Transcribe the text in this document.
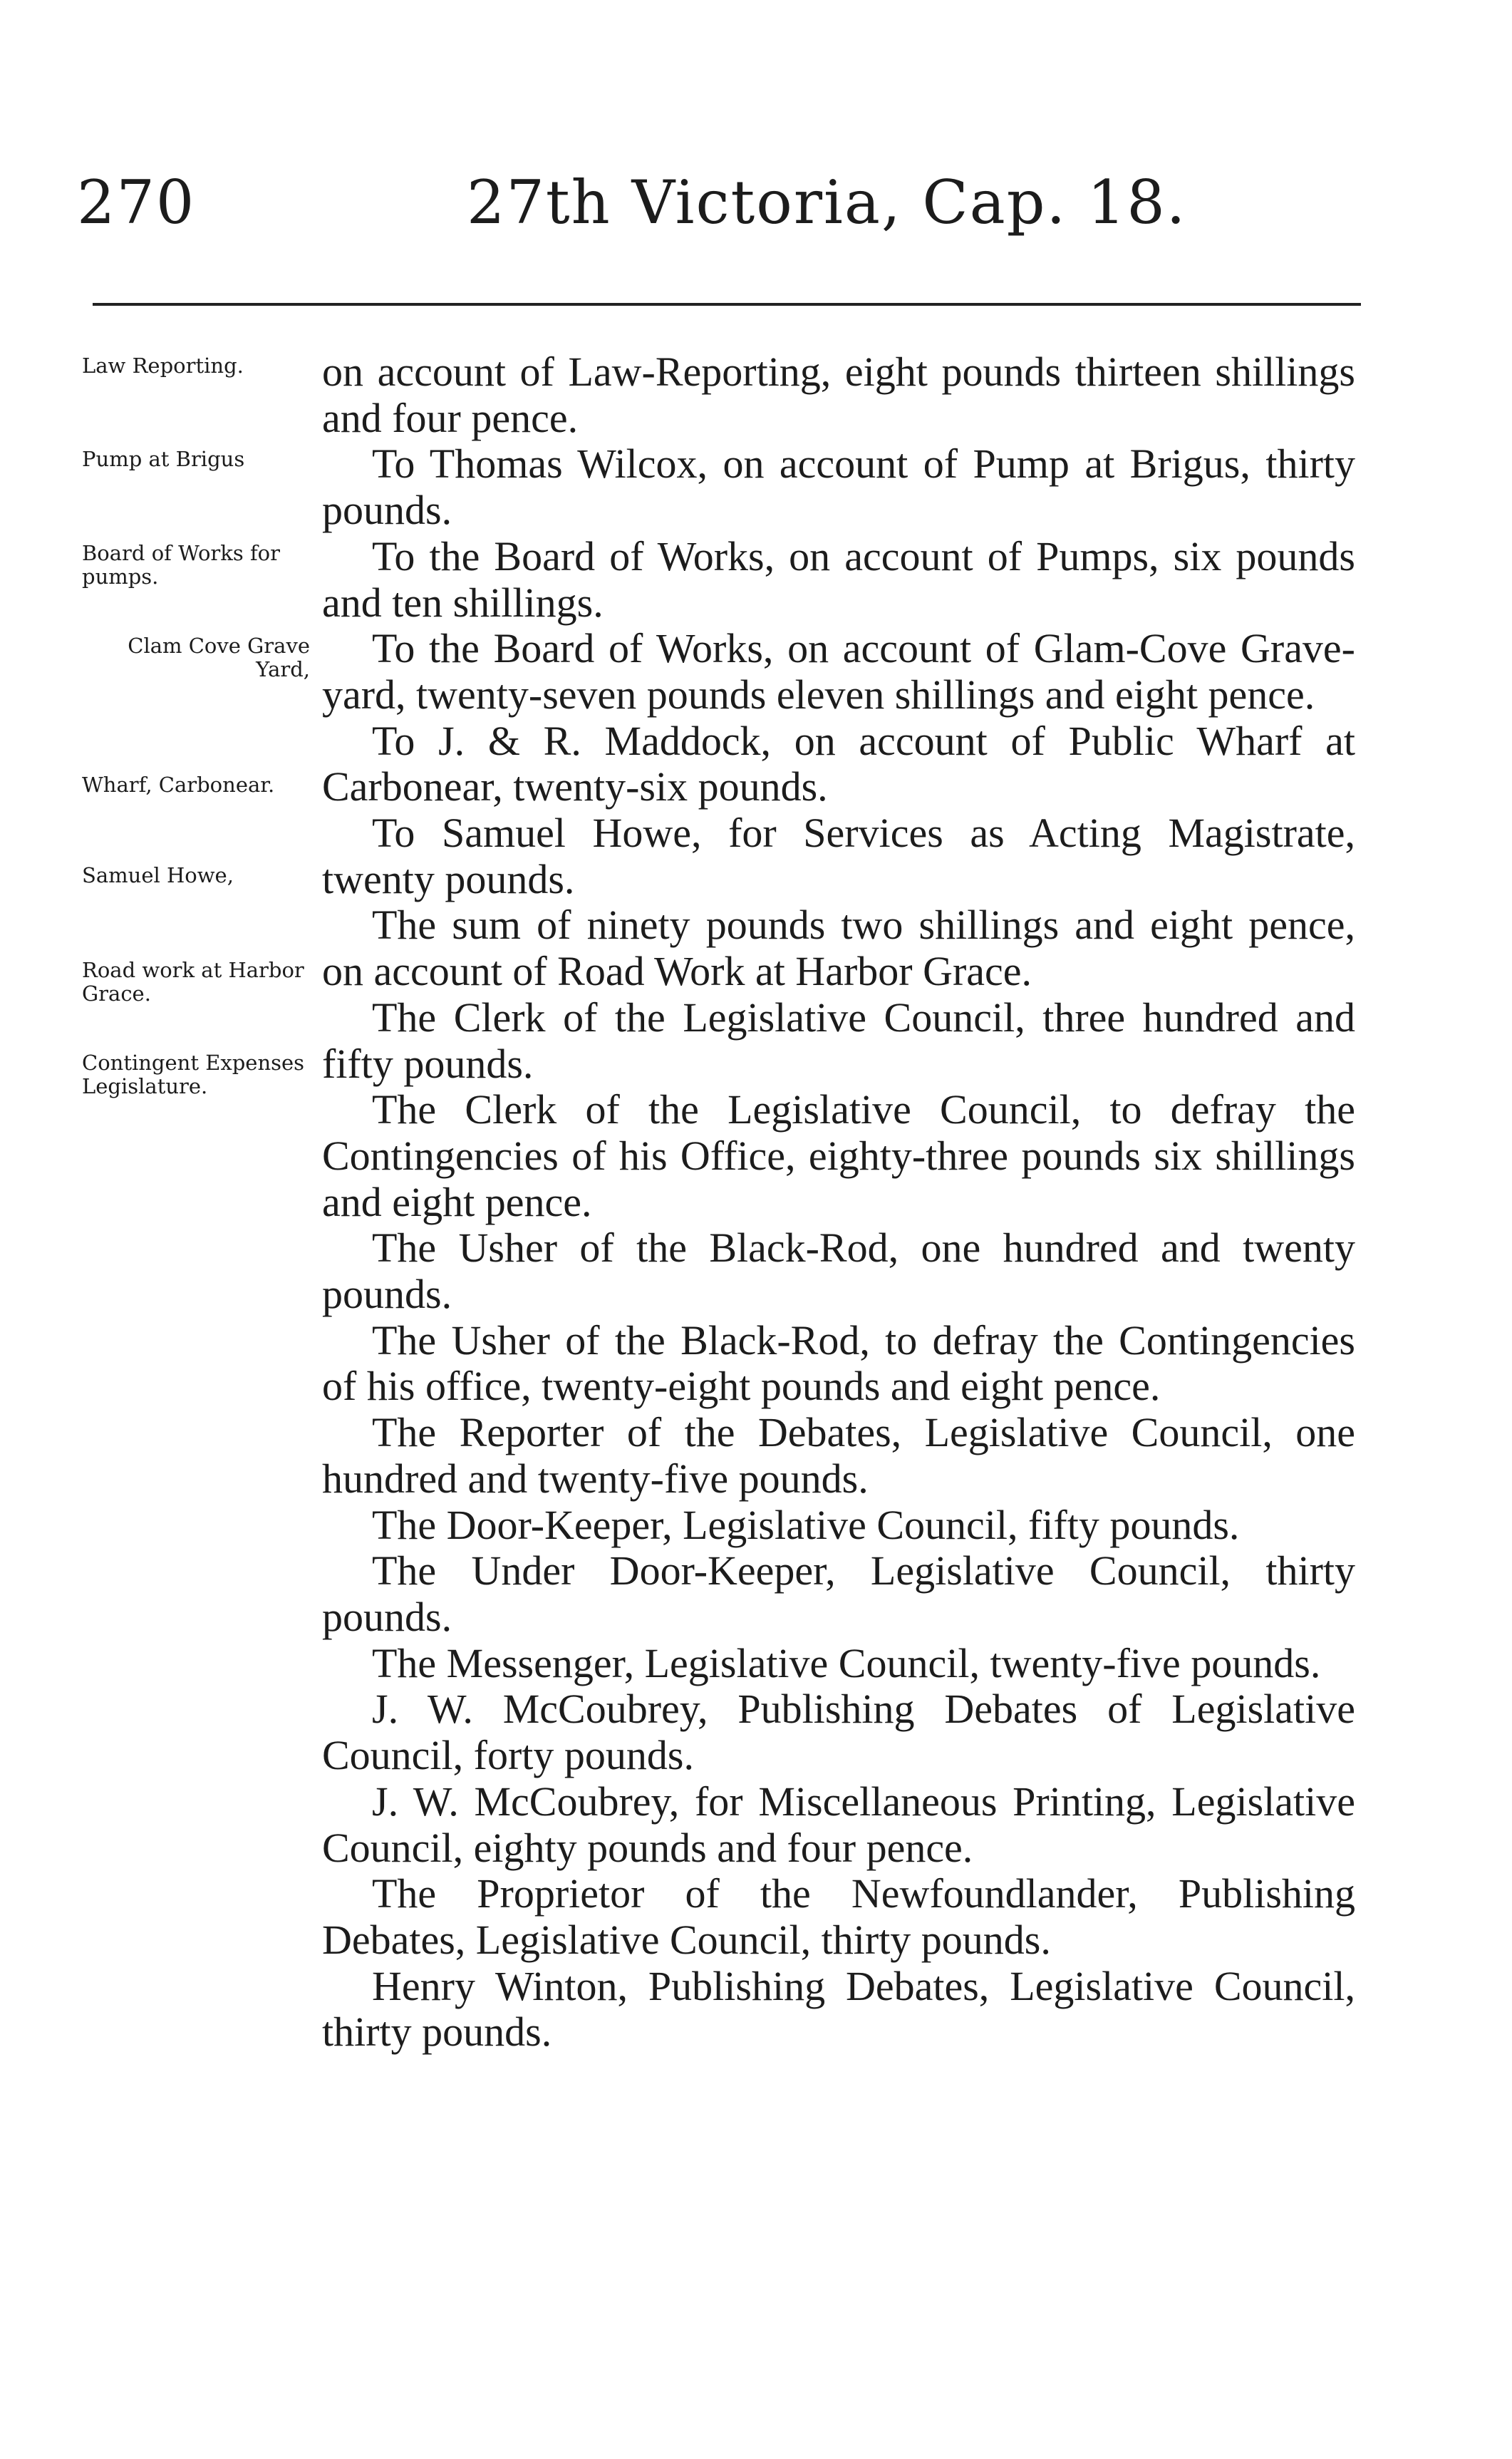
270	27th Victoria, Cap. 18.
Law Reporting.
Pump at Brigus
Board of Works for pumps.
Clam Cove Grave Yard,
Wharf, Carbonear.
Samuel Howe,
Road work at Harbor Grace.
Contingent Expenses Legislature.

on account of Law-Reporting, eight pounds thirteen shillings and four pence.

To Thomas Wilcox, on account of Pump at Brigus, thirty pounds.

To the Board of Works, on account of Pumps, six pounds and ten shillings.

To the Board of Works, on account of Glam-Cove Grave-yard, twenty-seven pounds eleven shillings and eight pence.

To J. & R. Maddock, on account of Public Wharf at Carbonear, twenty-six pounds.

To Samuel Howe, for Services as Acting Magistrate, twenty pounds.

The sum of ninety pounds two shillings and eight pence, on account of Road Work at Harbor Grace.

The Clerk of the Legislative Council, three hundred and fifty pounds.

The Clerk of the Legislative Council, to defray the Contingencies of his Office, eighty-three pounds six shillings and eight pence.

The Usher of the Black-Rod, one hundred and twenty pounds.

The Usher of the Black-Rod, to defray the Contingencies of his office, twenty-eight pounds and eight pence.

The Reporter of the Debates, Legislative Council, one hundred and twenty-five pounds.

The Door-Keeper, Legislative Council, fifty pounds.

The Under Door-Keeper, Legislative Council, thirty pounds.

The Messenger, Legislative Council, twenty-five pounds.

J. W. McCoubrey, Publishing Debates of Legislative Council, forty pounds.

J. W. McCoubrey, for Miscellaneous Printing, Legislative Council, eighty pounds and four pence.

The Proprietor of the Newfoundlander, Publishing Debates, Legislative Council, thirty pounds.

Henry Winton, Publishing Debates, Legislative Council, thirty pounds.
